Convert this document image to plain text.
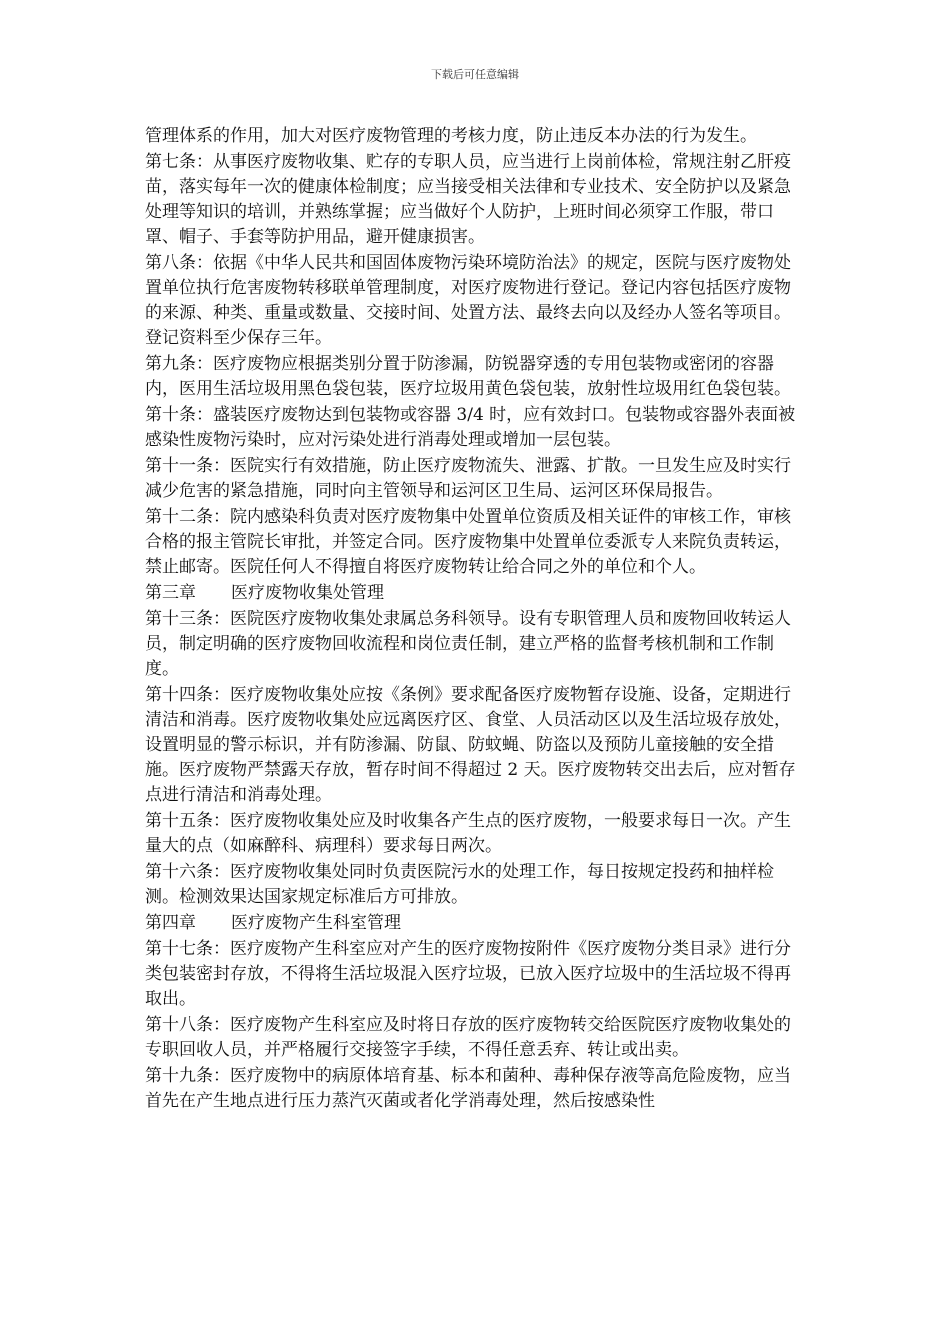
下载后可任意编辑

管理体系的作用，加大对医疗废物管理的考核力度，防止违反本办法的行为发生。

第七条：从事医疗废物收集、贮存的专职人员，应当进行上岗前体检，常规注射乙肝疫苗，落实每年一次的健康体检制度；应当接受相关法律和专业技术、安全防护以及紧急处理等知识的培训，并熟练掌握；应当做好个人防护，上班时间必须穿工作服，带口罩、帽子、手套等防护用品，避开健康损害。

第八条：依据《中华人民共和国固体废物污染环境防治法》的规定，医院与医疗废物处置单位执行危害废物转移联单管理制度，对医疗废物进行登记。登记内容包括医疗废物的来源、种类、重量或数量、交接时间、处置方法、最终去向以及经办人签名等项目。登记资料至少保存三年。

第九条：医疗废物应根据类别分置于防渗漏，防锐器穿透的专用包装物或密闭的容器内，医用生活垃圾用黑色袋包装，医疗垃圾用黄色袋包装，放射性垃圾用红色袋包装。

第十条：盛装医疗废物达到包装物或容器 3/4 时，应有效封口。包装物或容器外表面被感染性废物污染时，应对污染处进行消毒处理或增加一层包装。

第十一条：医院实行有效措施，防止医疗废物流失、泄露、扩散。一旦发生应及时实行减少危害的紧急措施，同时向主管领导和运河区卫生局、运河区环保局报告。

第十二条：院内感染科负责对医疗废物集中处置单位资质及相关证件的审核工作，审核合格的报主管院长审批，并签定合同。医疗废物集中处置单位委派专人来院负责转运，禁止邮寄。医院任何人不得擅自将医疗废物转让给合同之外的单位和个人。

第三章 医疗废物收集处管理

第十三条：医院医疗废物收集处隶属总务科领导。设有专职管理人员和废物回收转运人员，制定明确的医疗废物回收流程和岗位责任制，建立严格的监督考核机制和工作制度。

第十四条：医疗废物收集处应按《条例》要求配备医疗废物暂存设施、设备，定期进行清洁和消毒。医疗废物收集处应远离医疗区、食堂、人员活动区以及生活垃圾存放处，设置明显的警示标识，并有防渗漏、防鼠、防蚊蝇、防盗以及预防儿童接触的安全措施。医疗废物严禁露天存放，暂存时间不得超过 2 天。医疗废物转交出去后，应对暂存点进行清洁和消毒处理。

第十五条：医疗废物收集处应及时收集各产生点的医疗废物，一般要求每日一次。产生量大的点（如麻醉科、病理科）要求每日两次。

第十六条：医疗废物收集处同时负责医院污水的处理工作，每日按规定投药和抽样检测。检测效果达国家规定标准后方可排放。

第四章 医疗废物产生科室管理

第十七条：医疗废物产生科室应对产生的医疗废物按附件《医疗废物分类目录》进行分类包装密封存放，不得将生活垃圾混入医疗垃圾，已放入医疗垃圾中的生活垃圾不得再取出。

第十八条：医疗废物产生科室应及时将日存放的医疗废物转交给医院医疗废物收集处的专职回收人员，并严格履行交接签字手续，不得任意丢弃、转让或出卖。

第十九条：医疗废物中的病原体培育基、标本和菌种、毒种保存液等高危险废物，应当首先在产生地点进行压力蒸汽灭菌或者化学消毒处理，然后按感染性
